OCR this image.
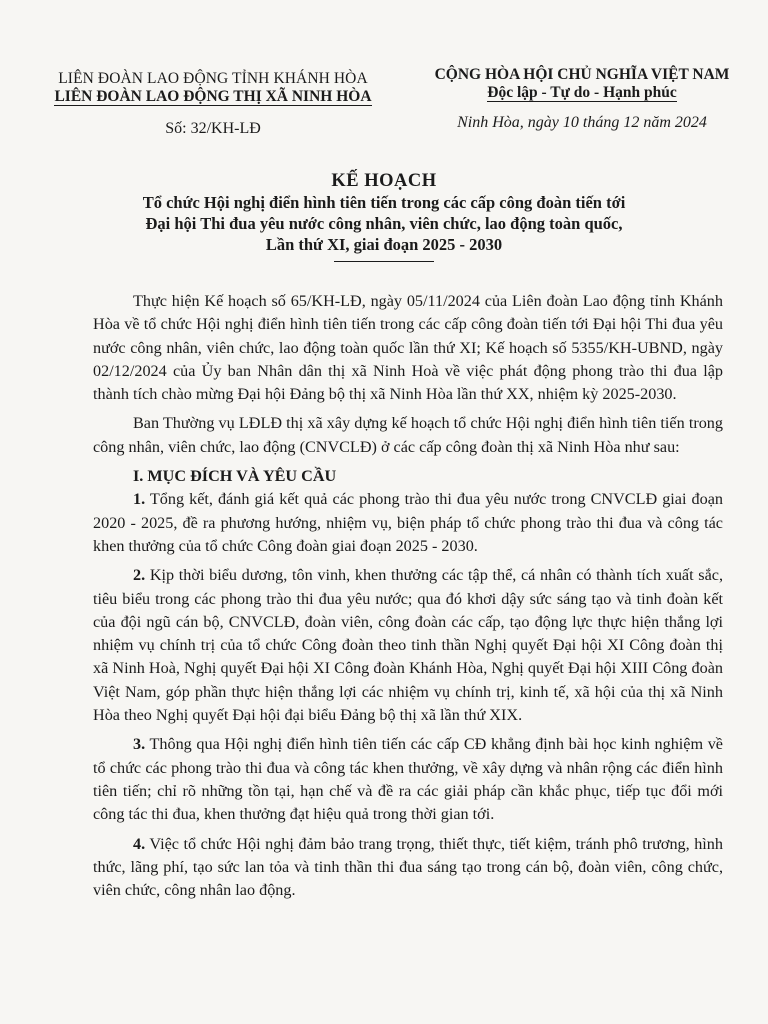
LIÊN ĐOÀN LAO ĐỘNG TỈNH KHÁNH HÒA
LIÊN ĐOÀN LAO ĐỘNG THỊ XÃ NINH HÒA
Số: 32/KH-LĐ
CỘNG HÒA HỘI CHỦ NGHĨA VIỆT NAM
Độc lập - Tự do - Hạnh phúc
Ninh Hòa, ngày 10 tháng 12 năm 2024
KẾ HOẠCH
Tổ chức Hội nghị điển hình tiên tiến trong các cấp công đoàn tiến tới
Đại hội Thi đua yêu nước công nhân, viên chức, lao động toàn quốc,
Lần thứ XI, giai đoạn 2025 - 2030

Thực hiện Kế hoạch số 65/KH-LĐ, ngày 05/11/2024 của Liên đoàn Lao động tỉnh Khánh Hòa về tổ chức Hội nghị điển hình tiên tiến trong các cấp công đoàn tiến tới Đại hội Thi đua yêu nước công nhân, viên chức, lao động toàn quốc lần thứ XI; Kế hoạch số 5355/KH-UBND, ngày 02/12/2024 của Ủy ban Nhân dân thị xã Ninh Hoà về việc phát động phong trào thi đua lập thành tích chào mừng Đại hội Đảng bộ thị xã Ninh Hòa lần thứ XX, nhiệm kỳ 2025-2030.

Ban Thường vụ LĐLĐ thị xã xây dựng kế hoạch tổ chức Hội nghị điển hình tiên tiến trong công nhân, viên chức, lao động (CNVCLĐ) ở các cấp công đoàn thị xã Ninh Hòa như sau:

I. MỤC ĐÍCH VÀ YÊU CẦU

1. Tổng kết, đánh giá kết quả các phong trào thi đua yêu nước trong CNVCLĐ giai đoạn 2020 - 2025, đề ra phương hướng, nhiệm vụ, biện pháp tổ chức phong trào thi đua và công tác khen thưởng của tổ chức Công đoàn giai đoạn 2025 - 2030.

2. Kịp thời biểu dương, tôn vinh, khen thưởng các tập thể, cá nhân có thành tích xuất sắc, tiêu biểu trong các phong trào thi đua yêu nước; qua đó khơi dậy sức sáng tạo và tinh đoàn kết của đội ngũ cán bộ, CNVCLĐ, đoàn viên, công đoàn các cấp, tạo động lực thực hiện thắng lợi nhiệm vụ chính trị của tổ chức Công đoàn theo tinh thần Nghị quyết Đại hội XI Công đoàn thị xã Ninh Hoà, Nghị quyết Đại hội XI Công đoàn Khánh Hòa, Nghị quyết Đại hội XIII Công đoàn Việt Nam, góp phần thực hiện thắng lợi các nhiệm vụ chính trị, kinh tế, xã hội của thị xã Ninh Hòa theo Nghị quyết Đại hội đại biểu Đảng bộ thị xã lần thứ XIX.

3. Thông qua Hội nghị điển hình tiên tiến các cấp CĐ khẳng định bài học kinh nghiệm về tổ chức các phong trào thi đua và công tác khen thưởng, về xây dựng và nhân rộng các điển hình tiên tiến; chỉ rõ những tồn tại, hạn chế và đề ra các giải pháp cần khắc phục, tiếp tục đổi mới công tác thi đua, khen thưởng đạt hiệu quả trong thời gian tới.

4. Việc tổ chức Hội nghị đảm bảo trang trọng, thiết thực, tiết kiệm, tránh phô trương, hình thức, lãng phí, tạo sức lan tỏa và tinh thần thi đua sáng tạo trong cán bộ, đoàn viên, công chức, viên chức, công nhân lao động.
